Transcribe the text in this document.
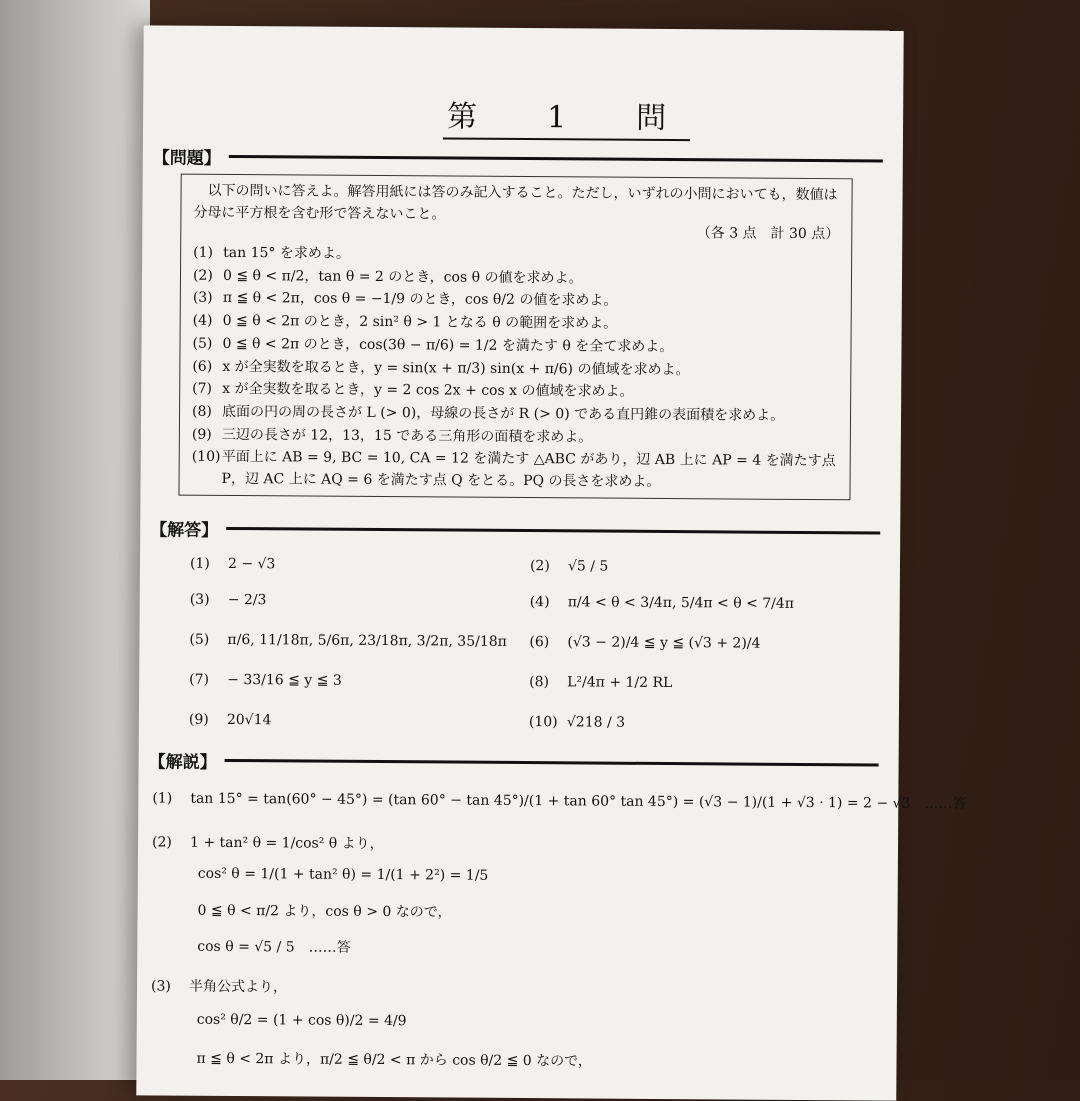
第　1　問
【問題】

以下の問いに答えよ。解答用紙には答のみ記入すること。ただし，いずれの小問においても，数値は分母に平方根を含む形で答えないこと。

（各 3 点　計 30 点）
(1) tan 15° を求めよ。
(2) 0 ≦ θ < π/2，tan θ = 2 のとき，cos θ の値を求めよ。
(3) π ≦ θ < 2π，cos θ = −1/9 のとき，cos θ/2 の値を求めよ。
(4) 0 ≦ θ < 2π のとき，2 sin² θ > 1 となる θ の範囲を求めよ。
(5) 0 ≦ θ < 2π のとき，cos(3θ − π/6) = 1/2 を満たす θ を全て求めよ。
(6) x が全実数を取るとき，y = sin(x + π/3) sin(x + π/6) の値域を求めよ。
(7) x が全実数を取るとき，y = 2 cos 2x + cos x の値域を求めよ。
(8) 底面の円の周の長さが L (> 0)，母線の長さが R (> 0) である直円錐の表面積を求めよ。
(9) 三辺の長さが 12，13，15 である三角形の面積を求めよ。
(10) 平面上に AB = 9, BC = 10, CA = 12 を満たす △ABC があり，辺 AB 上に AP = 4 を満たす点 P，辺 AC 上に AQ = 6 を満たす点 Q をとる。PQ の長さを求めよ。
【解答】
(1) 2 − √3	(2) √5 / 5
(3) − 2/3	(4) π/4 < θ < 3/4π, 5/4π < θ < 7/4π
(5) π/6, 11/18π, 5/6π, 23/18π, 3/2π, 35/18π (6) (√3 − 2)/4 ≦ y ≦ (√3 + 2)/4
(7) − 33/16 ≦ y ≦ 3	(8) L²/4π + 1/2 RL
(9) 20√14	(10) √218 / 3
【解説】
(1) tan 15° = tan(60° − 45°) = (tan 60° − tan 45°)/(1 + tan 60° tan 45°) = (√3 − 1)/(1 + √3 · 1) = 2 − √3　……答
(2) 1 + tan² θ = 1/cos² θ より，
cos² θ = 1/(1 + tan² θ) = 1/(1 + 2²) = 1/5
0 ≦ θ < π/2 より，cos θ > 0 なので，
cos θ = √5 / 5　……答
(3) 半角公式より，
cos² θ/2 = (1 + cos θ)/2 = 4/9
π ≦ θ < 2π より，π/2 ≦ θ/2 < π から cos θ/2 ≦ 0 なので，
